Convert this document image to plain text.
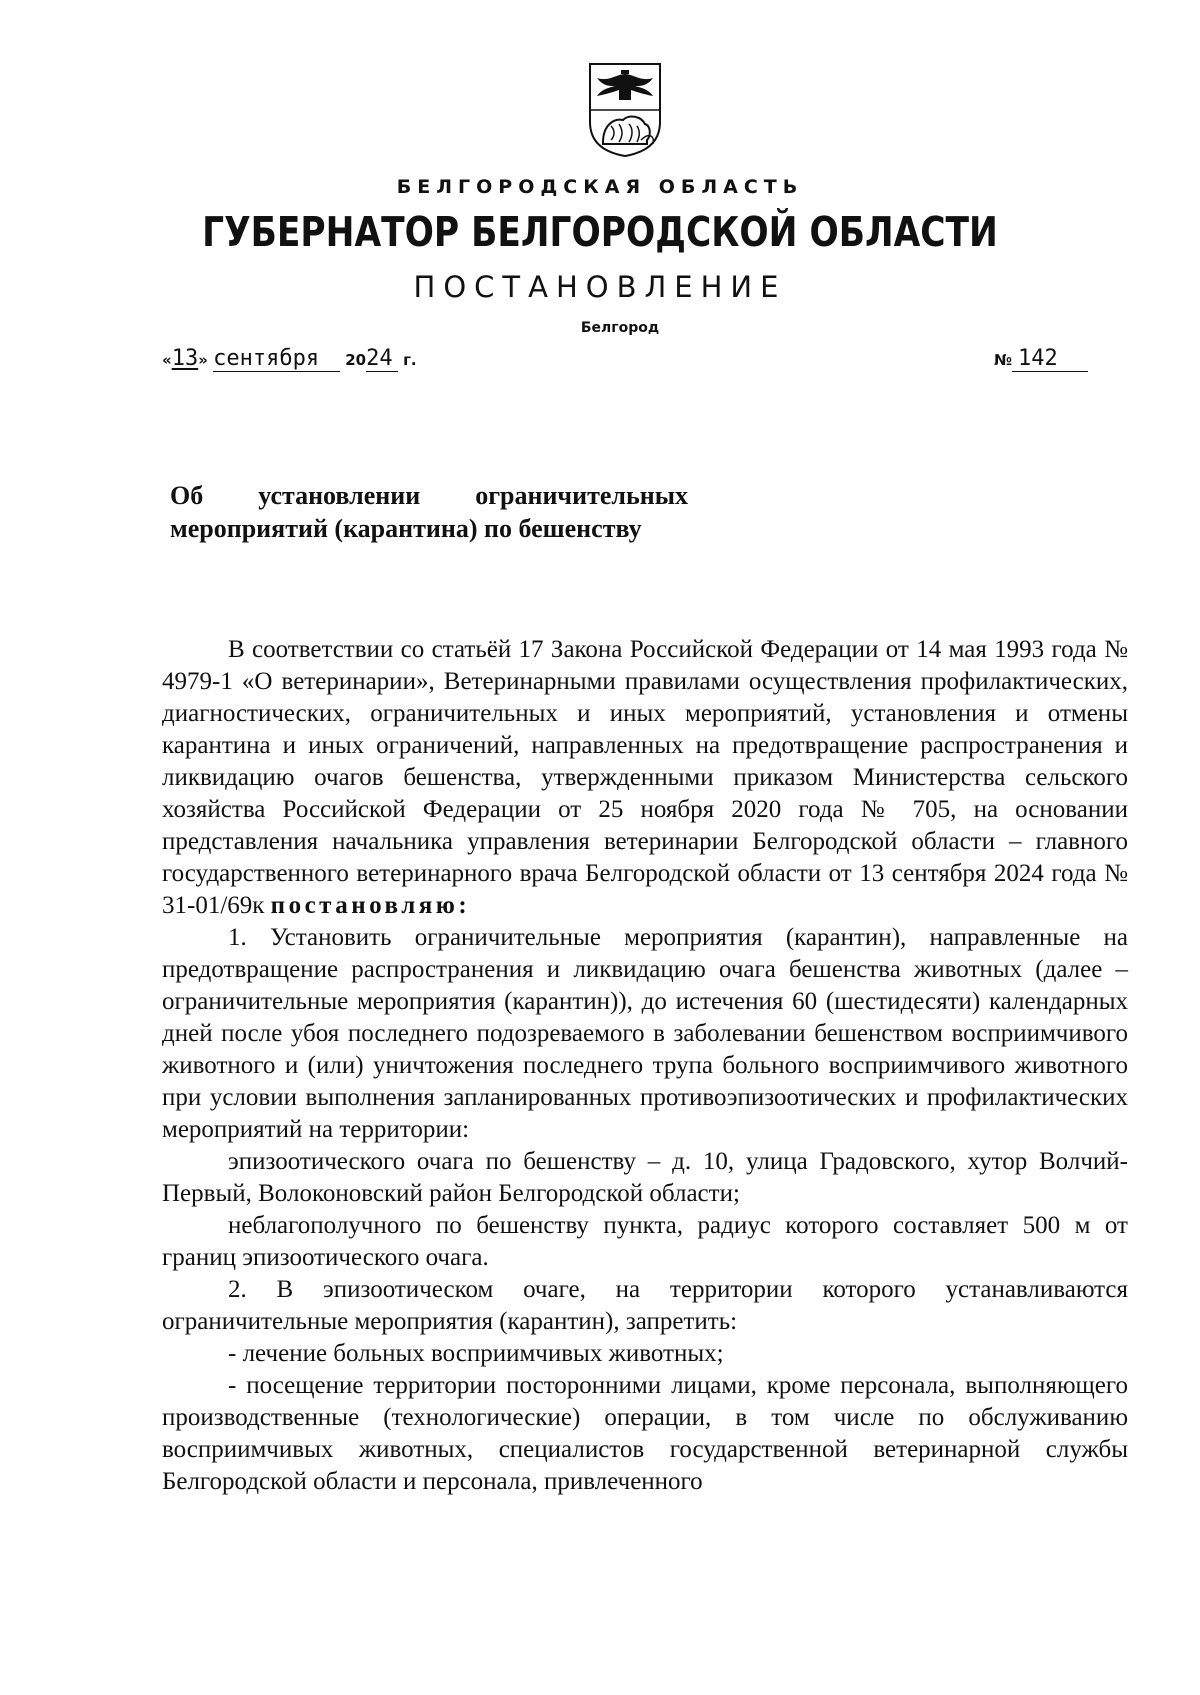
БЕЛГОРОДСКАЯ ОБЛАСТЬ
ГУБЕРНАТОР БЕЛГОРОДСКОЙ ОБЛАСТИ
ПОСТАНОВЛЕНИЕ
Белгород
«13» сентября 2024 г.	№ 142
Об установлении ограничительных
мероприятий (карантина) по бешенству

В соответствии со статьёй 17 Закона Российской Федерации от 14 мая 1993 года № 4979-1 «О ветеринарии», Ветеринарными правилами осуществления профилактических, диагностических, ограничительных и иных мероприятий, установления и отмены карантина и иных ограничений, направленных на предотвращение распространения и ликвидацию очагов бешенства, утвержденными приказом Министерства сельского хозяйства Российской Федерации от 25 ноября 2020 года № 705, на основании представления начальника управления ветеринарии Белгородской области – главного государственного ветеринарного врача Белгородской области от 13 сентября 2024 года № 31-01/69к постановляю:

1. Установить ограничительные мероприятия (карантин), направленные на предотвращение распространения и ликвидацию очага бешенства животных (далее – ограничительные мероприятия (карантин)), до истечения 60 (шестидесяти) календарных дней после убоя последнего подозреваемого в заболевании бешенством восприимчивого животного и (или) уничтожения последнего трупа больного восприимчивого животного при условии выполнения запланированных противоэпизоотических и профилактических мероприятий на территории:

эпизоотического очага по бешенству – д. 10, улица Градовского, хутор Волчий-Первый, Волоконовский район Белгородской области;

неблагополучного по бешенству пункта, радиус которого составляет 500 м от границ эпизоотического очага.

2. В эпизоотическом очаге, на территории которого устанавливаются ограничительные мероприятия (карантин), запретить:

- лечение больных восприимчивых животных;

- посещение территории посторонними лицами, кроме персонала, выполняющего производственные (технологические) операции, в том числе по обслуживанию восприимчивых животных, специалистов государственной ветеринарной службы Белгородской области и персонала, привлеченного
